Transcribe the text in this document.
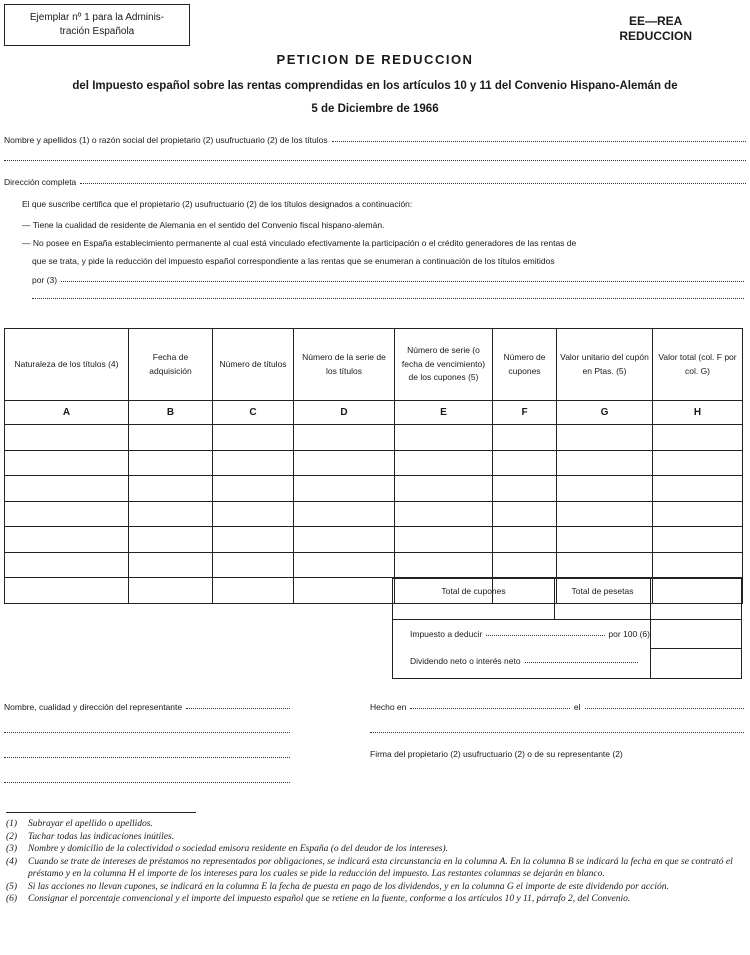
Ejemplar nº 1 para la Adminis-
tración Española
EE—REA
REDUCCION
PETICION DE REDUCCION
del Impuesto español sobre las rentas comprendidas en los artículos 10 y 11 del Convenio Hispano-Alemán de
5 de Diciembre de 1966
Nombre y apellidos (1) o razón social del propietario (2) usufructuario (2) de los títulos
Dirección completa
El que suscribe certifica que el propietario (2) usufructuario (2) de los títulos designados a continuación:
— Tiene la cualidad de residente de Alemania en el sentido del Convenio fiscal hispano-alemán.
— No posee en España establecimiento permanente al cual está vinculado efectivamente la participación o el crédito generadores de las rentas de
que se trata, y pide la reducción del impuesto español correspondiente a las rentas que se enumeran a continuación de los títulos emitidos
por (3)
Naturaleza de los títulos (4)	Fecha de adquisición	Número de títulos	Número de la serie de los títulos	Número de serie (o fecha de vencimiento) de los cupones (5)	Número de cupones	Valor unitario del cupón en Ptas. (5)	Valor total (col. F por col. G)
A	B	C	D	E	F	G	H

Total de cupones	Total de pesetas
Impuesto a deducir	por 100 (6)
Dividendo neto o interés neto
Nombre, cualidad y dirección del representante	Hecho en	el
Firma del propietario (2) usufructuario (2) o de su representante (2)
(1)	Subrayar el apellido o apellidos.
(2)	Tachar todas las indicaciones inútiles.
(3)	Nombre y domicilio de la colectividad o sociedad emisora residente en España (o del deudor de los intereses).
(4)	Cuando se trate de intereses de préstamos no representados por obligaciones, se indicará esta circunstancia en la columna A. En la columna B se indicará la fecha en que se contrató el préstamo y en la columna H el importe de los intereses para los cuales se pide la reducción del impuesto. Las restantes columnas se dejarán en blanco.
(5)	Si las acciones no llevan cupones, se indicará en la columna E la fecha de puesta en pago de los dividendos, y en la columna G el importe de este dividendo por acción.
(6)	Consignar el porcentaje convencional y el importe del impuesto español que se retiene en la fuente, conforme a los artículos 10 y 11, párrafo 2, del Convenio.
